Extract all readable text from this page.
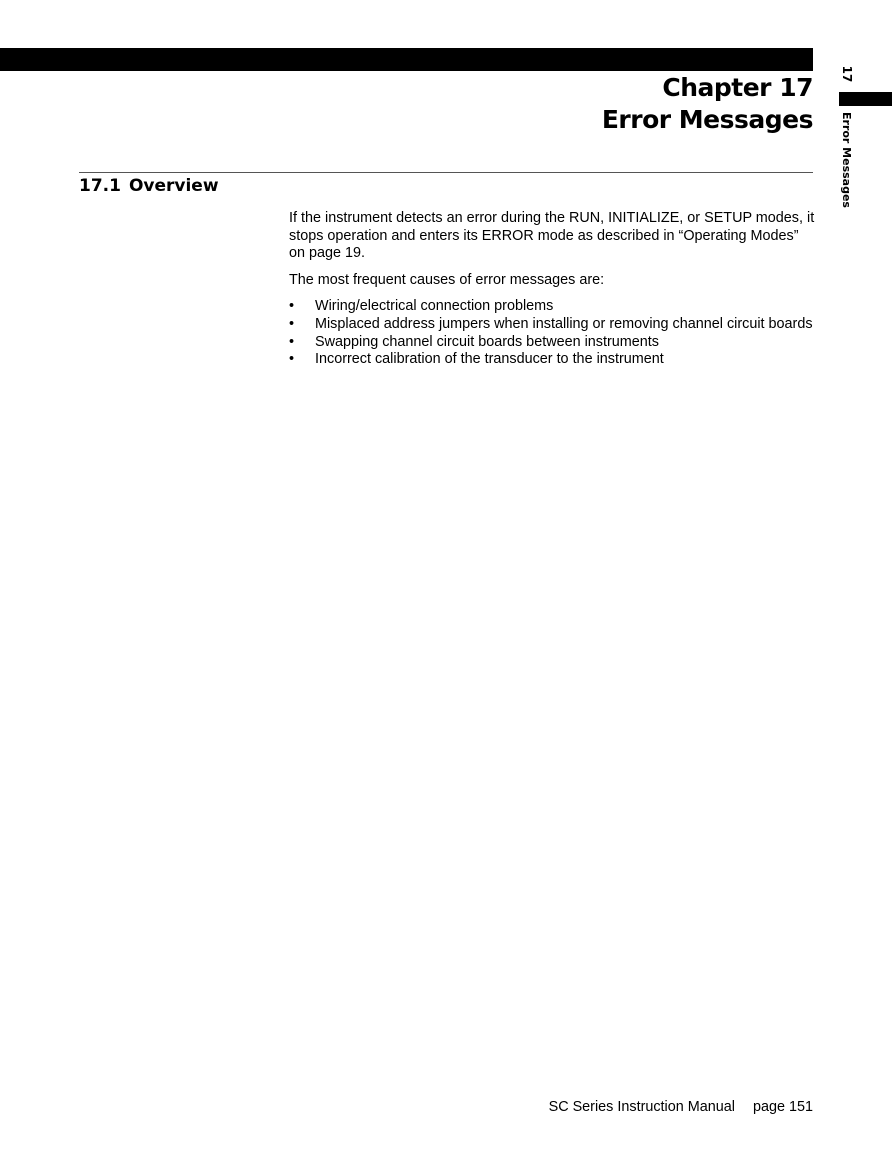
Chapter 17
Error Messages
17
Error Messages
17.1 Overview

If the instrument detects an error during the RUN, INITIALIZE, or SETUP modes, it stops operation and enters its ERROR mode as described in “Operating Modes” on page 19.

The most frequent causes of error messages are:

• Wiring/electrical connection problems
• Misplaced address jumpers when installing or removing channel circuit boards
• Swapping channel circuit boards between instruments
• Incorrect calibration of the transducer to the instrument
SC Series Instruction Manual page 151
